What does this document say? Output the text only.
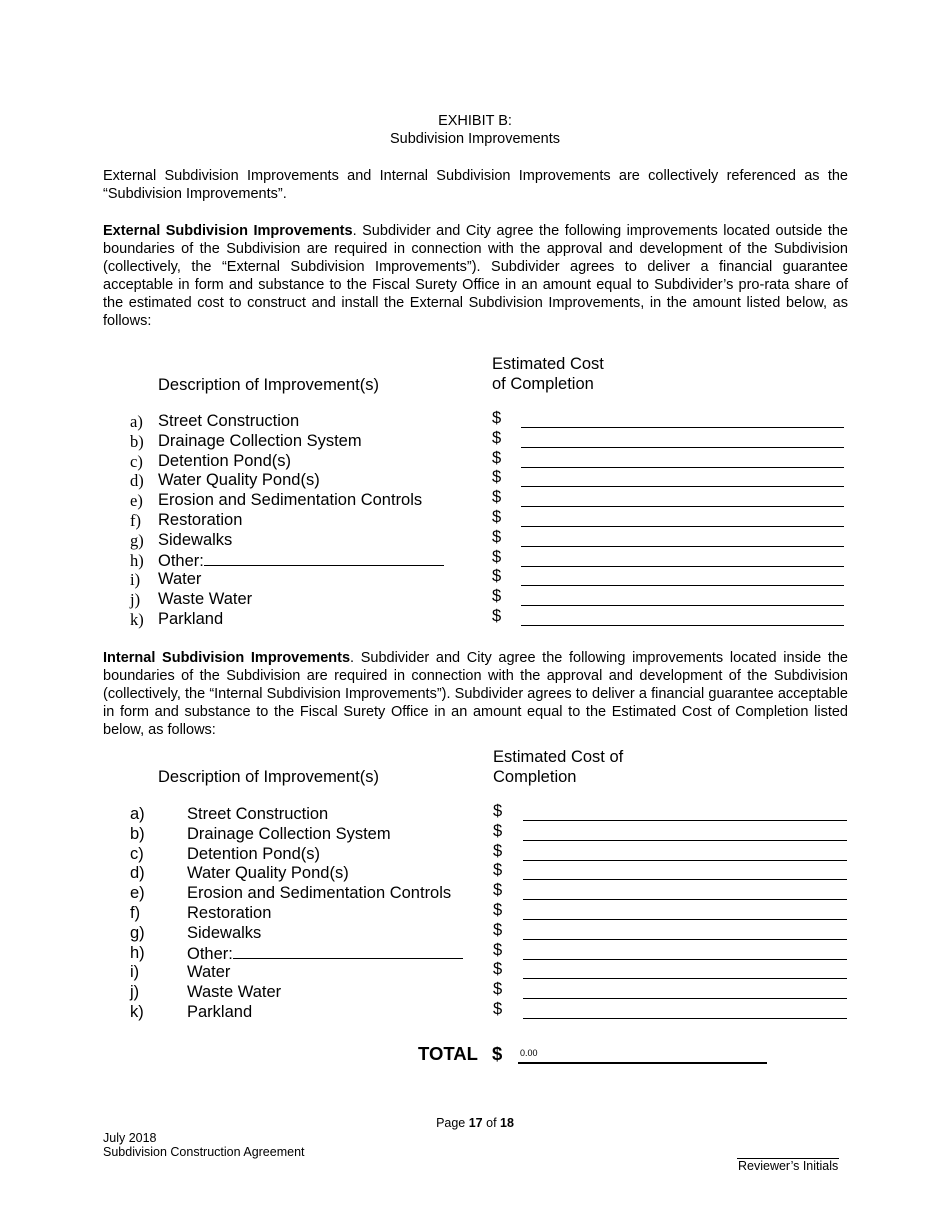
EXHIBIT B:
Subdivision Improvements
External Subdivision Improvements and Internal Subdivision Improvements are collectively referenced as the “Subdivision Improvements”.
External Subdivision Improvements. Subdivider and City agree the following improvements located outside the boundaries of the Subdivision are required in connection with the approval and development of the Subdivision (collectively, the “External Subdivision Improvements”). Subdivider agrees to deliver a financial guarantee acceptable in form and substance to the Fiscal Surety Office in an amount equal to Subdivider’s pro-rata share of the estimated cost to construct and install the External Subdivision Improvements, in the amount listed below, as follows:
Estimated Cost
of Completion
Description of Improvement(s)
a) Street Construction	$
b) Drainage Collection System	$
c) Detention Pond(s)	$
d) Water Quality Pond(s)	$
e) Erosion and Sedimentation Controls	$
f) Restoration	$
g) Sidewalks	$
h) Other:	$
i) Water	$
j) Waste Water	$
k) Parkland	$
Internal Subdivision Improvements. Subdivider and City agree the following improvements located inside the boundaries of the Subdivision are required in connection with the approval and development of the Subdivision (collectively, the “Internal Subdivision Improvements”). Subdivider agrees to deliver a financial guarantee acceptable in form and substance to the Fiscal Surety Office in an amount equal to the Estimated Cost of Completion listed below, as follows:
Estimated Cost of
Completion
Description of Improvement(s)
a)	Street Construction	$
b)	Drainage Collection System	$
c)	Detention Pond(s)	$
d)	Water Quality Pond(s)	$
e)	Erosion and Sedimentation Controls	$
f)	Restoration	$
g)	Sidewalks	$
h)	Other:	$
i)	Water	$
j)	Waste Water	$
k)	Parkland	$
TOTAL $ 0.00
Page 17 of 18
July 2018
Subdivision Construction Agreement
Reviewer’s Initials
